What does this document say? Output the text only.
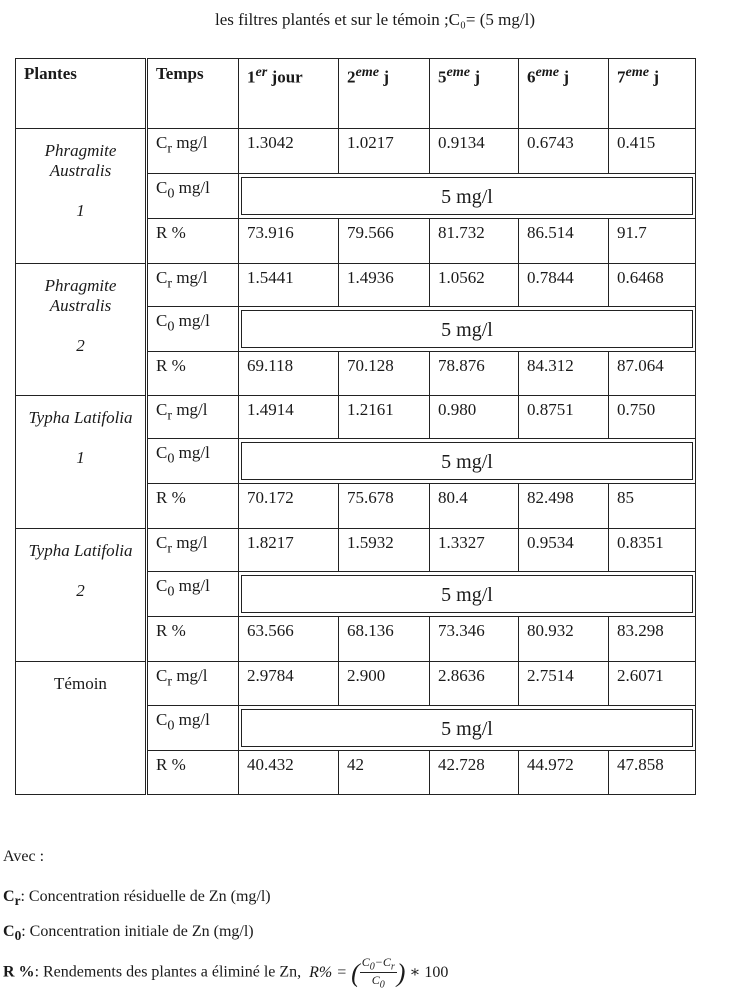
les filtres plantés et sur le témoin ;C₀= (5 mg/l)
Plantes	Temps	1er jour	2eme j	5eme j	6eme j	7eme j
Phragmite Australis
1	$C_r$ mg/l	1.3042	1.0217	0.9134	0.6743	0.415
	$C_0$ mg/l	5 mg/l				

	R %	73.916	79.566	81.732	86.514	91.7
Phragmite Australis
2	$C_r$ mg/l	1.5441	1.4936	1.0562	0.7844	0.6468
	$C_0$ mg/l	5 mg/l				

	R %	69.118	70.128	78.876	84.312	87.064
Typha Latifolia
1	$C_r$ mg/l	1.4914	1.2161	0.980	0.8751	0.750
	$C_0$ mg/l	5 mg/l				

	R %	70.172	75.678	80.4	82.498	85
Typha Latifolia
2	$C_r$ mg/l	1.8217	1.5932	1.3327	0.9534	0.8351
	$C_0$ mg/l	5 mg/l				

	R %	63.566	68.136	73.346	80.932	83.298
Témoin	$C_r$ mg/l	2.9784	2.900	2.8636	2.7514	2.6071
	$C_0$ mg/l	5 mg/l				

	R %	40.432	42	42.728	44.972	47.858
Avec :
$C_r$: Concentration résiduelle de Zn (mg/l)
$C_0$: Concentration initiale de Zn (mg/l)
R %: Rendements des plantes a éliminé le Zn, R% = ( $\frac{C_0-C_r}{C_0}$ ) ∗ 100
